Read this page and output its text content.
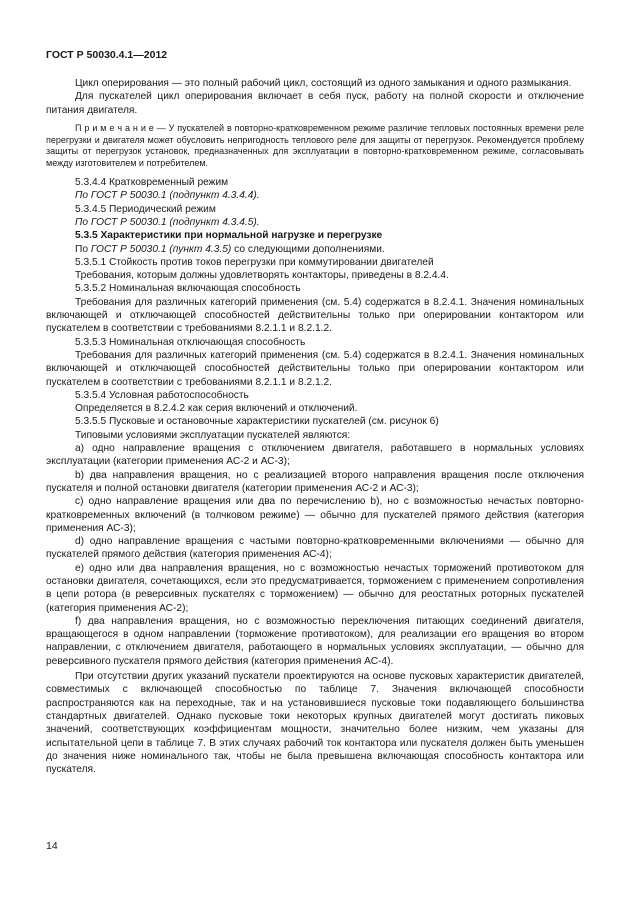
ГОСТ Р 50030.4.1—2012

Цикл оперирования — это полный рабочий цикл, состоящий из одного замыкания и одного размыкания.

Для пускателей цикл оперирования включает в себя пуск, работу на полной скорости и отключение питания двигателя.

П р и м е ч а н и е — У пускателей в повторно-кратковременном режиме различие тепловых постоянных времени реле перегрузки и двигателя может обусловить непригодность теплового реле для защиты от перегрузок. Рекомендуется проблему защиты от перегрузок установок, предназначенных для эксплуатации в повторно-кратковременном режиме, согласовывать между изготовителем и потребителем.

5.3.4.4 Кратковременный режим

По ГОСТ Р 50030.1 (подпункт 4.3.4.4).

5.3.4.5 Периодический режим

По ГОСТ Р 50030.1 (подпункт 4.3.4.5).

5.3.5 Характеристики при нормальной нагрузке и перегрузке

По ГОСТ Р 50030.1 (пункт 4.3.5) со следующими дополнениями.

5.3.5.1 Стойкость против токов перегрузки при коммутировании двигателей

Требования, которым должны удовлетворять контакторы, приведены в 8.2.4.4.

5.3.5.2 Номинальная включающая способность

Требования для различных категорий применения (см. 5.4) содержатся в 8.2.4.1. Значения номинальных включающей и отключающей способностей действительны только при оперировании контактором или пускателем в соответствии с требованиями 8.2.1.1 и 8.2.1.2.

5.3.5.3 Номинальная отключающая способность

Требования для различных категорий применения (см. 5.4) содержатся в 8.2.4.1. Значения номинальных включающей и отключающей способностей действительны только при оперировании контактором или пускателем в соответствии с требованиями 8.2.1.1 и 8.2.1.2.

5.3.5.4 Условная работоспособность

Определяется в 8.2.4.2 как серия включений и отключений.

5.3.5.5 Пусковые и остановочные характеристики пускателей (см. рисунок 6)

Типовыми условиями эксплуатации пускателей являются:

а) одно направление вращения с отключением двигателя, работавшего в нормальных условиях эксплуатации (категории применения АС-2 и АС-3);

b) два направления вращения, но с реализацией второго направления вращения после отключения пускателя и полной остановки двигателя (категории применения АС-2 и АС-3);

с) одно направление вращения или два по перечислению b), но с возможностью нечастых повторно-кратковременных включений (в толчковом режиме) — обычно для пускателей прямого действия (категория применения АС-3);

d) одно направление вращения с частыми повторно-кратковременными включениями — обычно для пускателей прямого действия (категория применения АС-4);

е) одно или два направления вращения, но с возможностью нечастых торможений противотоком для остановки двигателя, сочетающихся, если это предусматривается, торможением с применением сопротивления в цепи ротора (в реверсивных пускателях с торможением) — обычно для реостатных роторных пускателей (категория применения АС-2);

f) два направления вращения, но с возможностью переключения питающих соединений двигателя, вращающегося в одном направлении (торможение противотоком), для реализации его вращения во втором направлении, с отключением двигателя, работающего в нормальных условиях эксплуатации, — обычно для реверсивного пускателя прямого действия (категория применения АС-4).

При отсутствии других указаний пускатели проектируются на основе пусковых характеристик двигателей, совместимых с включающей способностью по таблице 7. Значения включающей способности распространяются как на переходные, так и на установившиеся пусковые токи подавляющего большинства стандартных двигателей. Однако пусковые токи некоторых крупных двигателей могут достигать пиковых значений, соответствующих коэффициентам мощности, значительно более низким, чем указаны для испытательной цепи в таблице 7. В этих случаях рабочий ток контактора или пускателя должен быть уменьшен до значения ниже номинального так, чтобы не была превышена включающая способность контактора или пускателя.

14
